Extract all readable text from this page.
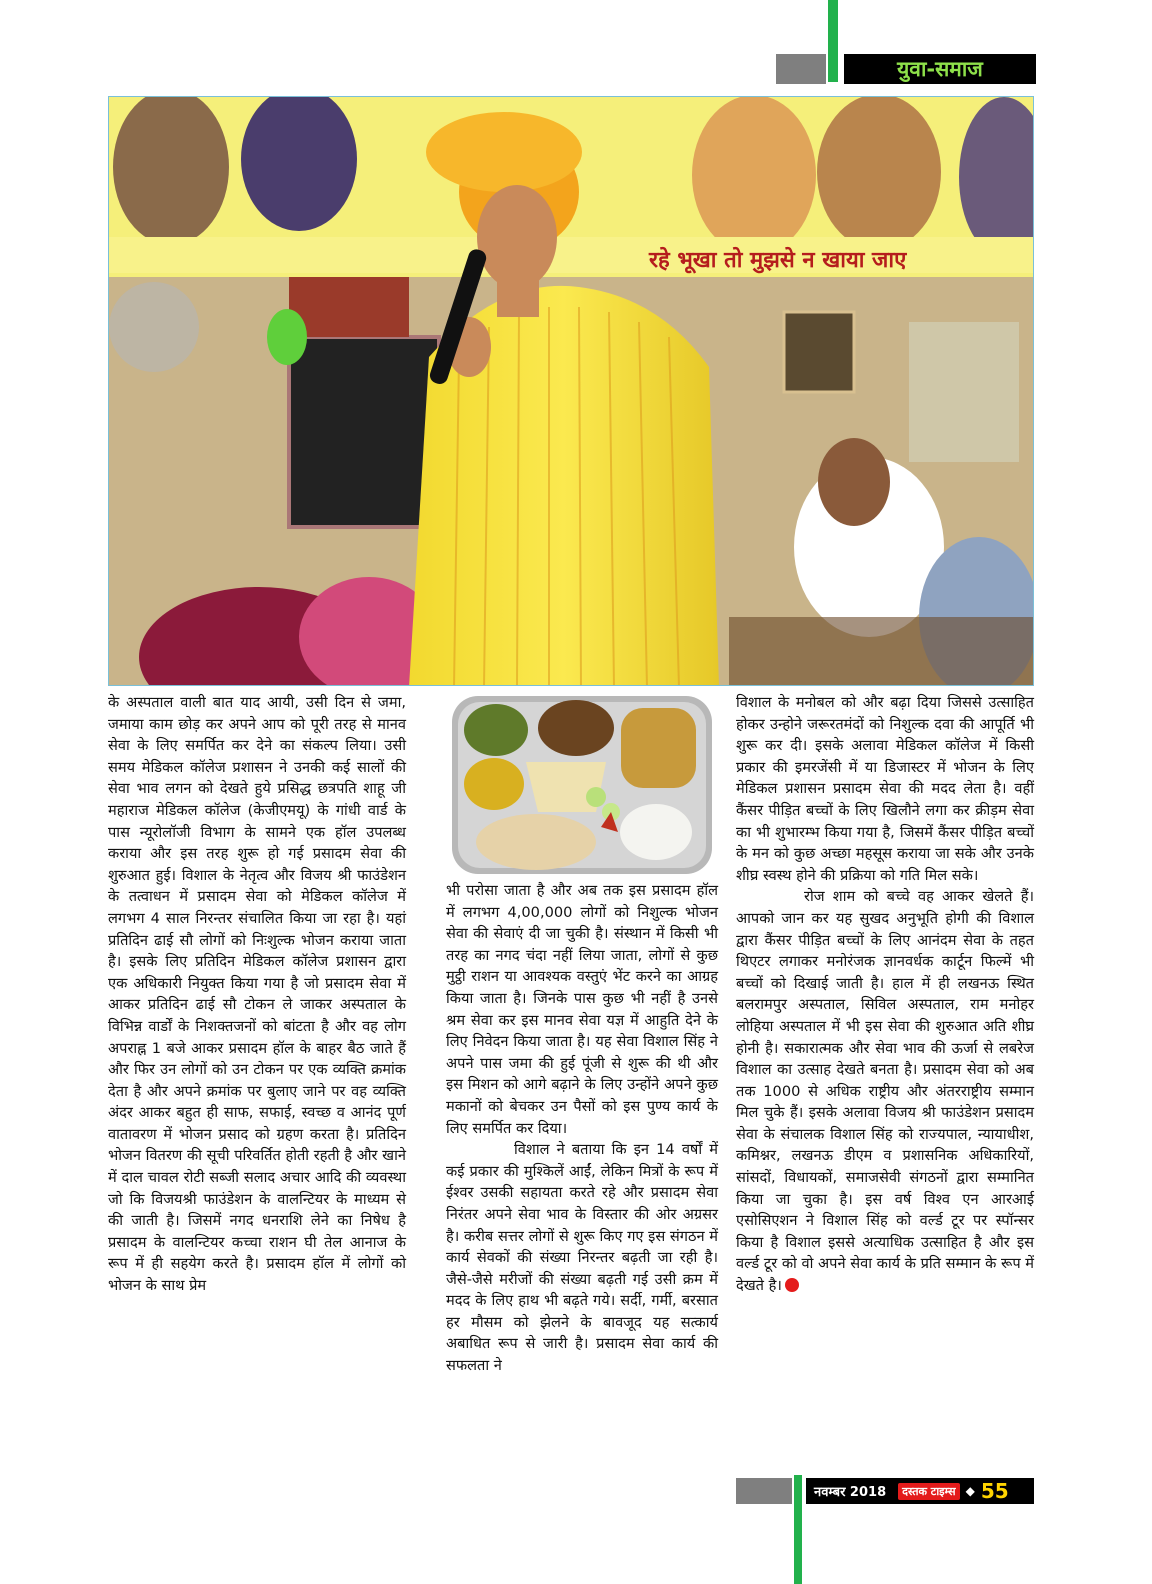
युवा-समाज
रहे भूखा तो मुझसे न खाया जाए

के अस्पताल वाली बात याद आयी, उसी दिन से जमा, जमाया काम छोड़ कर अपने आप को पूरी तरह से मानव सेवा के लिए समर्पित कर देने का संकल्प लिया। उसी समय मेडिकल कॉलेज प्रशासन ने उनकी कई सालों की सेवा भाव लगन को देखते हुये प्रसिद्ध छत्रपति शाहू जी महाराज मेडिकल कॉलेज (केजीएमयू) के गांधी वार्ड के पास न्यूरोलॉजी विभाग के सामने एक हॉल उपलब्ध कराया और इस तरह शुरू हो गई प्रसादम सेवा की शुरुआत हुई। विशाल के नेतृत्व और विजय श्री फाउंडेशन के तत्वाधन में प्रसादम सेवा को मेडिकल कॉलेज में लगभग 4 साल निरन्तर संचालित किया जा रहा है। यहां प्रतिदिन ढाई सौ लोगों को निःशुल्क भोजन कराया जाता है। इसके लिए प्रतिदिन मेडिकल कॉलेज प्रशासन द्वारा एक अधिकारी नियुक्त किया गया है जो प्रसादम सेवा में आकर प्रतिदिन ढाई सौ टोकन ले जाकर अस्पताल के विभिन्न वार्डों के निशक्तजनों को बांटता है और वह लोग अपराह्न 1 बजे आकर प्रसादम हॉल के बाहर बैठ जाते हैं और फिर उन लोगों को उन टोकन पर एक व्यक्ति क्रमांक देता है और अपने क्रमांक पर बुलाए जाने पर वह व्यक्ति अंदर आकर बहुत ही साफ, सफाई, स्वच्छ व आनंद पूर्ण वातावरण में भोजन प्रसाद को ग्रहण करता है। प्रतिदिन भोजन वितरण की सूची परिवर्तित होती रहती है और खाने में दाल चावल रोटी सब्जी सलाद अचार आदि की व्यवस्था जो कि विजयश्री फाउंडेशन के वालन्टियर के माध्यम से की जाती है। जिसमें नगद धनराशि लेने का निषेध है प्रसादम के वालन्टियर कच्चा राशन घी तेल आनाज के रूप में ही सहयेग करते है। प्रसादम हॉल में लोगों को भोजन के साथ प्रेम

भी परोसा जाता है और अब तक इस प्रसादम हॉल में लगभग 4,00,000 लोगों को निशुल्क भोजन सेवा की सेवाएं दी जा चुकी है। संस्थान में किसी भी तरह का नगद चंदा नहीं लिया जाता, लोगों से कुछ मुट्ठी राशन या आवश्यक वस्तुएं भेंट करने का आग्रह किया जाता है। जिनके पास कुछ भी नहीं है उनसे श्रम सेवा कर इस मानव सेवा यज्ञ में आहुति देने के लिए निवेदन किया जाता है। यह सेवा विशाल सिंह ने अपने पास जमा की हुई पूंजी से शुरू की थी और इस मिशन को आगे बढ़ाने के लिए उन्होंने अपने कुछ मकानों को बेचकर उन पैसों को इस पुण्य कार्य के लिए समर्पित कर दिया।

विशाल ने बताया कि इन 14 वर्षों में कई प्रकार की मुश्किलें आईं, लेकिन मित्रों के रूप में ईश्वर उसकी सहायता करते रहे और प्रसादम सेवा निरंतर अपने सेवा भाव के विस्तार की ओर अग्रसर है। करीब सत्तर लोगों से शुरू किए गए इस संगठन में कार्य सेवकों की संख्या निरन्तर बढ़ती जा रही है। जैसे-जैसे मरीजों की संख्या बढ़ती गई उसी क्रम में मदद के लिए हाथ भी बढ़ते गये। सर्दी, गर्मी, बरसात हर मौसम को झेलने के बावजूद यह सत्कार्य अबाधित रूप से जारी है। प्रसादम सेवा कार्य की सफलता ने

विशाल के मनोबल को और बढ़ा दिया जिससे उत्साहित होकर उन्होने जरूरतमंदों को निशुल्क दवा की आपूर्ति भी शुरू कर दी। इसके अलावा मेडिकल कॉलेज में किसी प्रकार की इमरजेंसी में या डिजास्टर में भोजन के लिए मेडिकल प्रशासन प्रसादम सेवा की मदद लेता है। वहीं कैंसर पीड़ित बच्चों के लिए खिलौने लगा कर क्रीड़म सेवा का भी शुभारम्भ किया गया है, जिसमें कैंसर पीड़ित बच्चों के मन को कुछ अच्छा महसूस कराया जा सके और उनके शीघ्र स्वस्थ होने की प्रक्रिया को गति मिल सके।

रोज शाम को बच्चे वह आकर खेलते हैं। आपको जान कर यह सुखद अनुभूति होगी की विशाल द्वारा कैंसर पीड़ित बच्चों के लिए आनंदम सेवा के तहत थिएटर लगाकर मनोरंजक ज्ञानवर्धक कार्टून फिल्में भी बच्चों को दिखाई जाती है। हाल में ही लखनऊ स्थित बलरामपुर अस्पताल, सिविल अस्पताल, राम मनोहर लोहिया अस्पताल में भी इस सेवा की शुरुआत अति शीघ्र होनी है। सकारात्मक और सेवा भाव की ऊर्जा से लबरेज विशाल का उत्साह देखते बनता है। प्रसादम सेवा को अब तक 1000 से अधिक राष्ट्रीय और अंतरराष्ट्रीय सम्मान मिल चुके हैं। इसके अलावा विजय श्री फाउंडेशन प्रसादम सेवा के संचालक विशाल सिंह को राज्यपाल, न्यायाधीश, कमिश्नर, लखनऊ डीएम व प्रशासनिक अधिकारियों, सांसदों, विधायकों, समाजसेवी संगठनों द्वारा सम्मानित किया जा चुका है। इस वर्ष विश्व एन आरआई एसोसिएशन ने विशाल सिंह को वर्ल्ड टूर पर स्पॉन्सर किया है विशाल इससे अत्याधिक उत्साहित है और इस वर्ल्ड टूर को वो अपने सेवा कार्य के प्रति सम्मान के रूप में देखते है।

नवम्बर 2018	दस्तक टाइम्स ◆ 55
